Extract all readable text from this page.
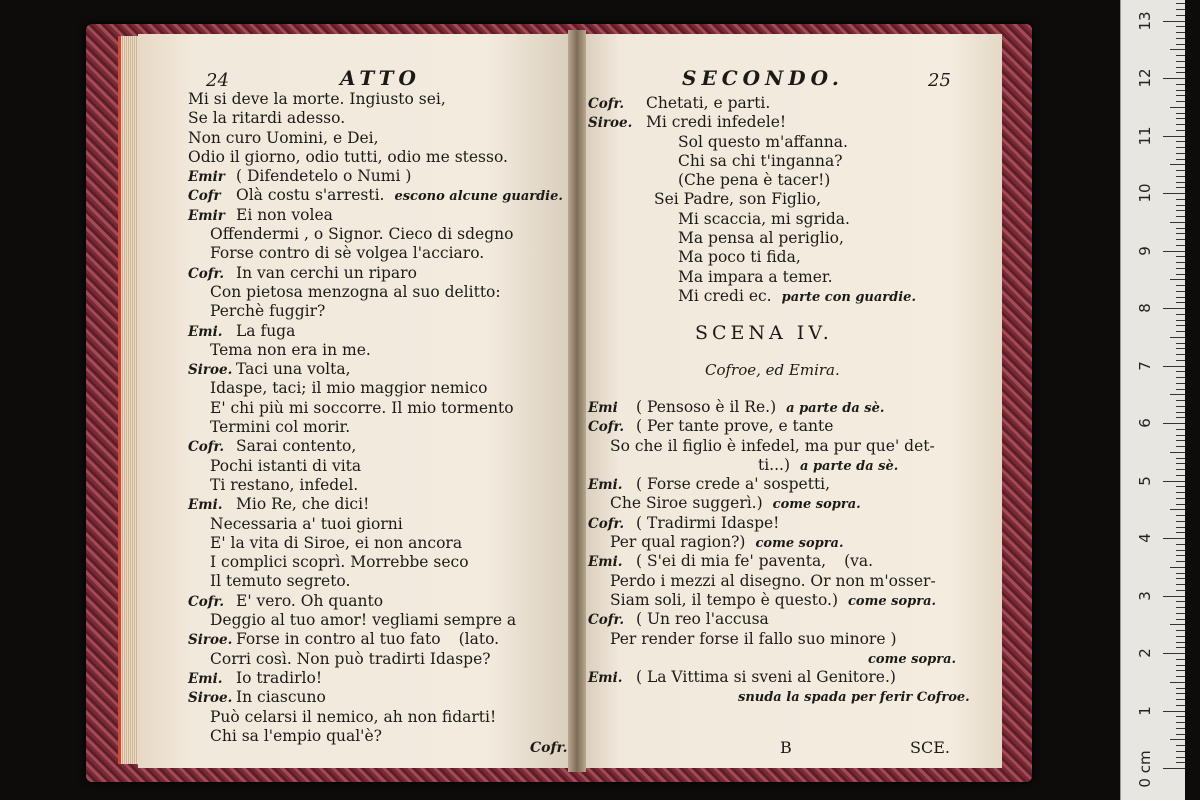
24	ATTO
Mi si deve la morte. Ingiusto sei,
Se la ritardi adesso.
Non curo Uomini, e Dei,
Odio il giorno, odio tutti, odio me stesso.
Emir ( Difendetelo o Numi )
Cofr Olà costu s'arresti. escono alcune guardie.
Emir Ei non volea
Offendermi , o Signor. Cieco di sdegno
Forse contro di sè volgea l'acciaro.
Cofr. In van cerchi un riparo
Con pietosa menzogna al suo delitto:
Perchè fuggir?
Emi. La fuga
Tema non era in me.
Siroe. Taci una volta,
Idaspe, taci; il mio maggior nemico
E' chi più mi soccorre. Il mio tormento
Termini col morir.
Cofr. Sarai contento,
Pochi istanti di vita
Ti restano, infedel.
Emi. Mio Re, che dici!
Necessaria a' tuoi giorni
E' la vita di Siroe, ei non ancora
I complici scoprì. Morrebbe seco
Il temuto segreto.
Cofr. E' vero. Oh quanto
Deggio al tuo amor! vegliami sempre a
Siroe. Forse in contro al tuo fato (lato.
Corri così. Non può tradirti Idaspe?
Emi. Io tradirlo!
Siroe. In ciascuno
Può celarsi il nemico, ah non fidarti!
Chi sa l'empio qual'è?
Cofr.
SECONDO.	25
Cofr. Chetati, e parti.
Siroe. Mi credi infedele!
Sol questo m'affanna.
Chi sa chi t'inganna?
(Che pena è tacer!)
Sei Padre, son Figlio,
Mi scaccia, mi sgrida.
Ma pensa al periglio,
Ma poco ti fida,
Ma impara a temer.
Mi credi ec. parte con guardie.
SCENA IV.
Cofroe, ed Emira.
Emi ( Pensoso è il Re.) a parte da sè.
Cofr. ( Per tante prove, e tante
So che il figlio è infedel, ma pur que' det-
ti...) a parte da sè.
Emi. ( Forse crede a' sospetti,
Che Siroe suggerì.) come sopra.
Cofr. ( Tradirmi Idaspe!
Per qual ragion?) come sopra.
Emi. ( S'ei di mia fe' paventa, (va.
Perdo i mezzi al disegno. Or non m'osser-
Siam soli, il tempo è questo.) come sopra.
Cofr. ( Un reo l'accusa
Per render forse il fallo suo minore )
come sopra.
Emi. ( La Vittima si sveni al Genitore.)
snuda la spada per ferir Cofroe.
B	SCE.
0 cm
1
2
3
4
5
6
7
8
9
10
11
12
13
